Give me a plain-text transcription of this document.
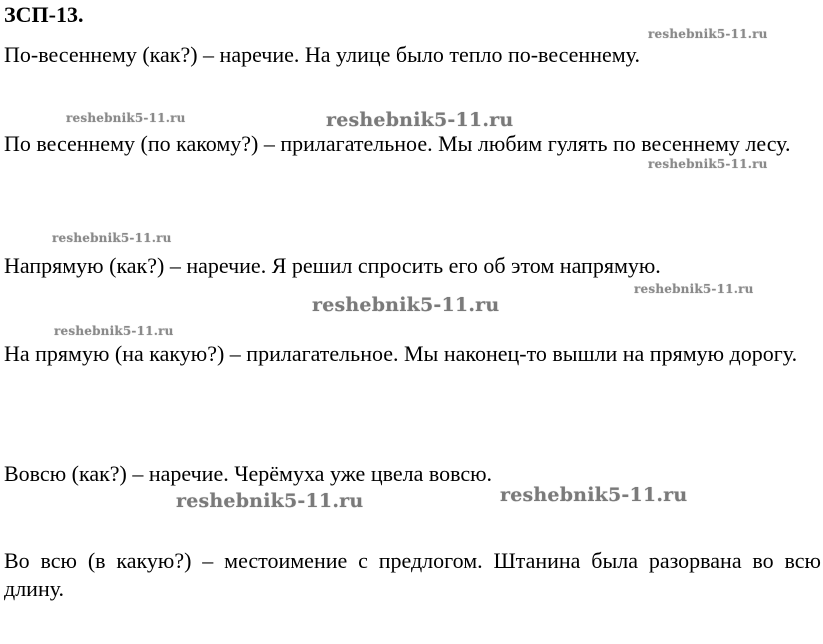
ЗСП-13.
По-весеннему (как?) – наречие. На улице было тепло по-весеннему.
По весеннему (по какому?) – прилагательное. Мы любим гулять по весеннему лесу.
Напрямую (как?) – наречие. Я решил спросить его об этом напрямую.
На прямую (на какую?) – прилагательное. Мы наконец-то вышли на прямую дорогу.
Вовсю (как?) – наречие. Черёмуха уже цвела вовсю.
Во всю (в какую?) – местоимение с предлогом. Штанина была разорвана во всю длину.
reshebnik5-11.ru
reshebnik5-11.ru	reshebnik5-11.ru
reshebnik5-11.ru
reshebnik5-11.ru
reshebnik5-11.ru
reshebnik5-11.ru
reshebnik5-11.ru
reshebnik5-11.ru	reshebnik5-11.ru
